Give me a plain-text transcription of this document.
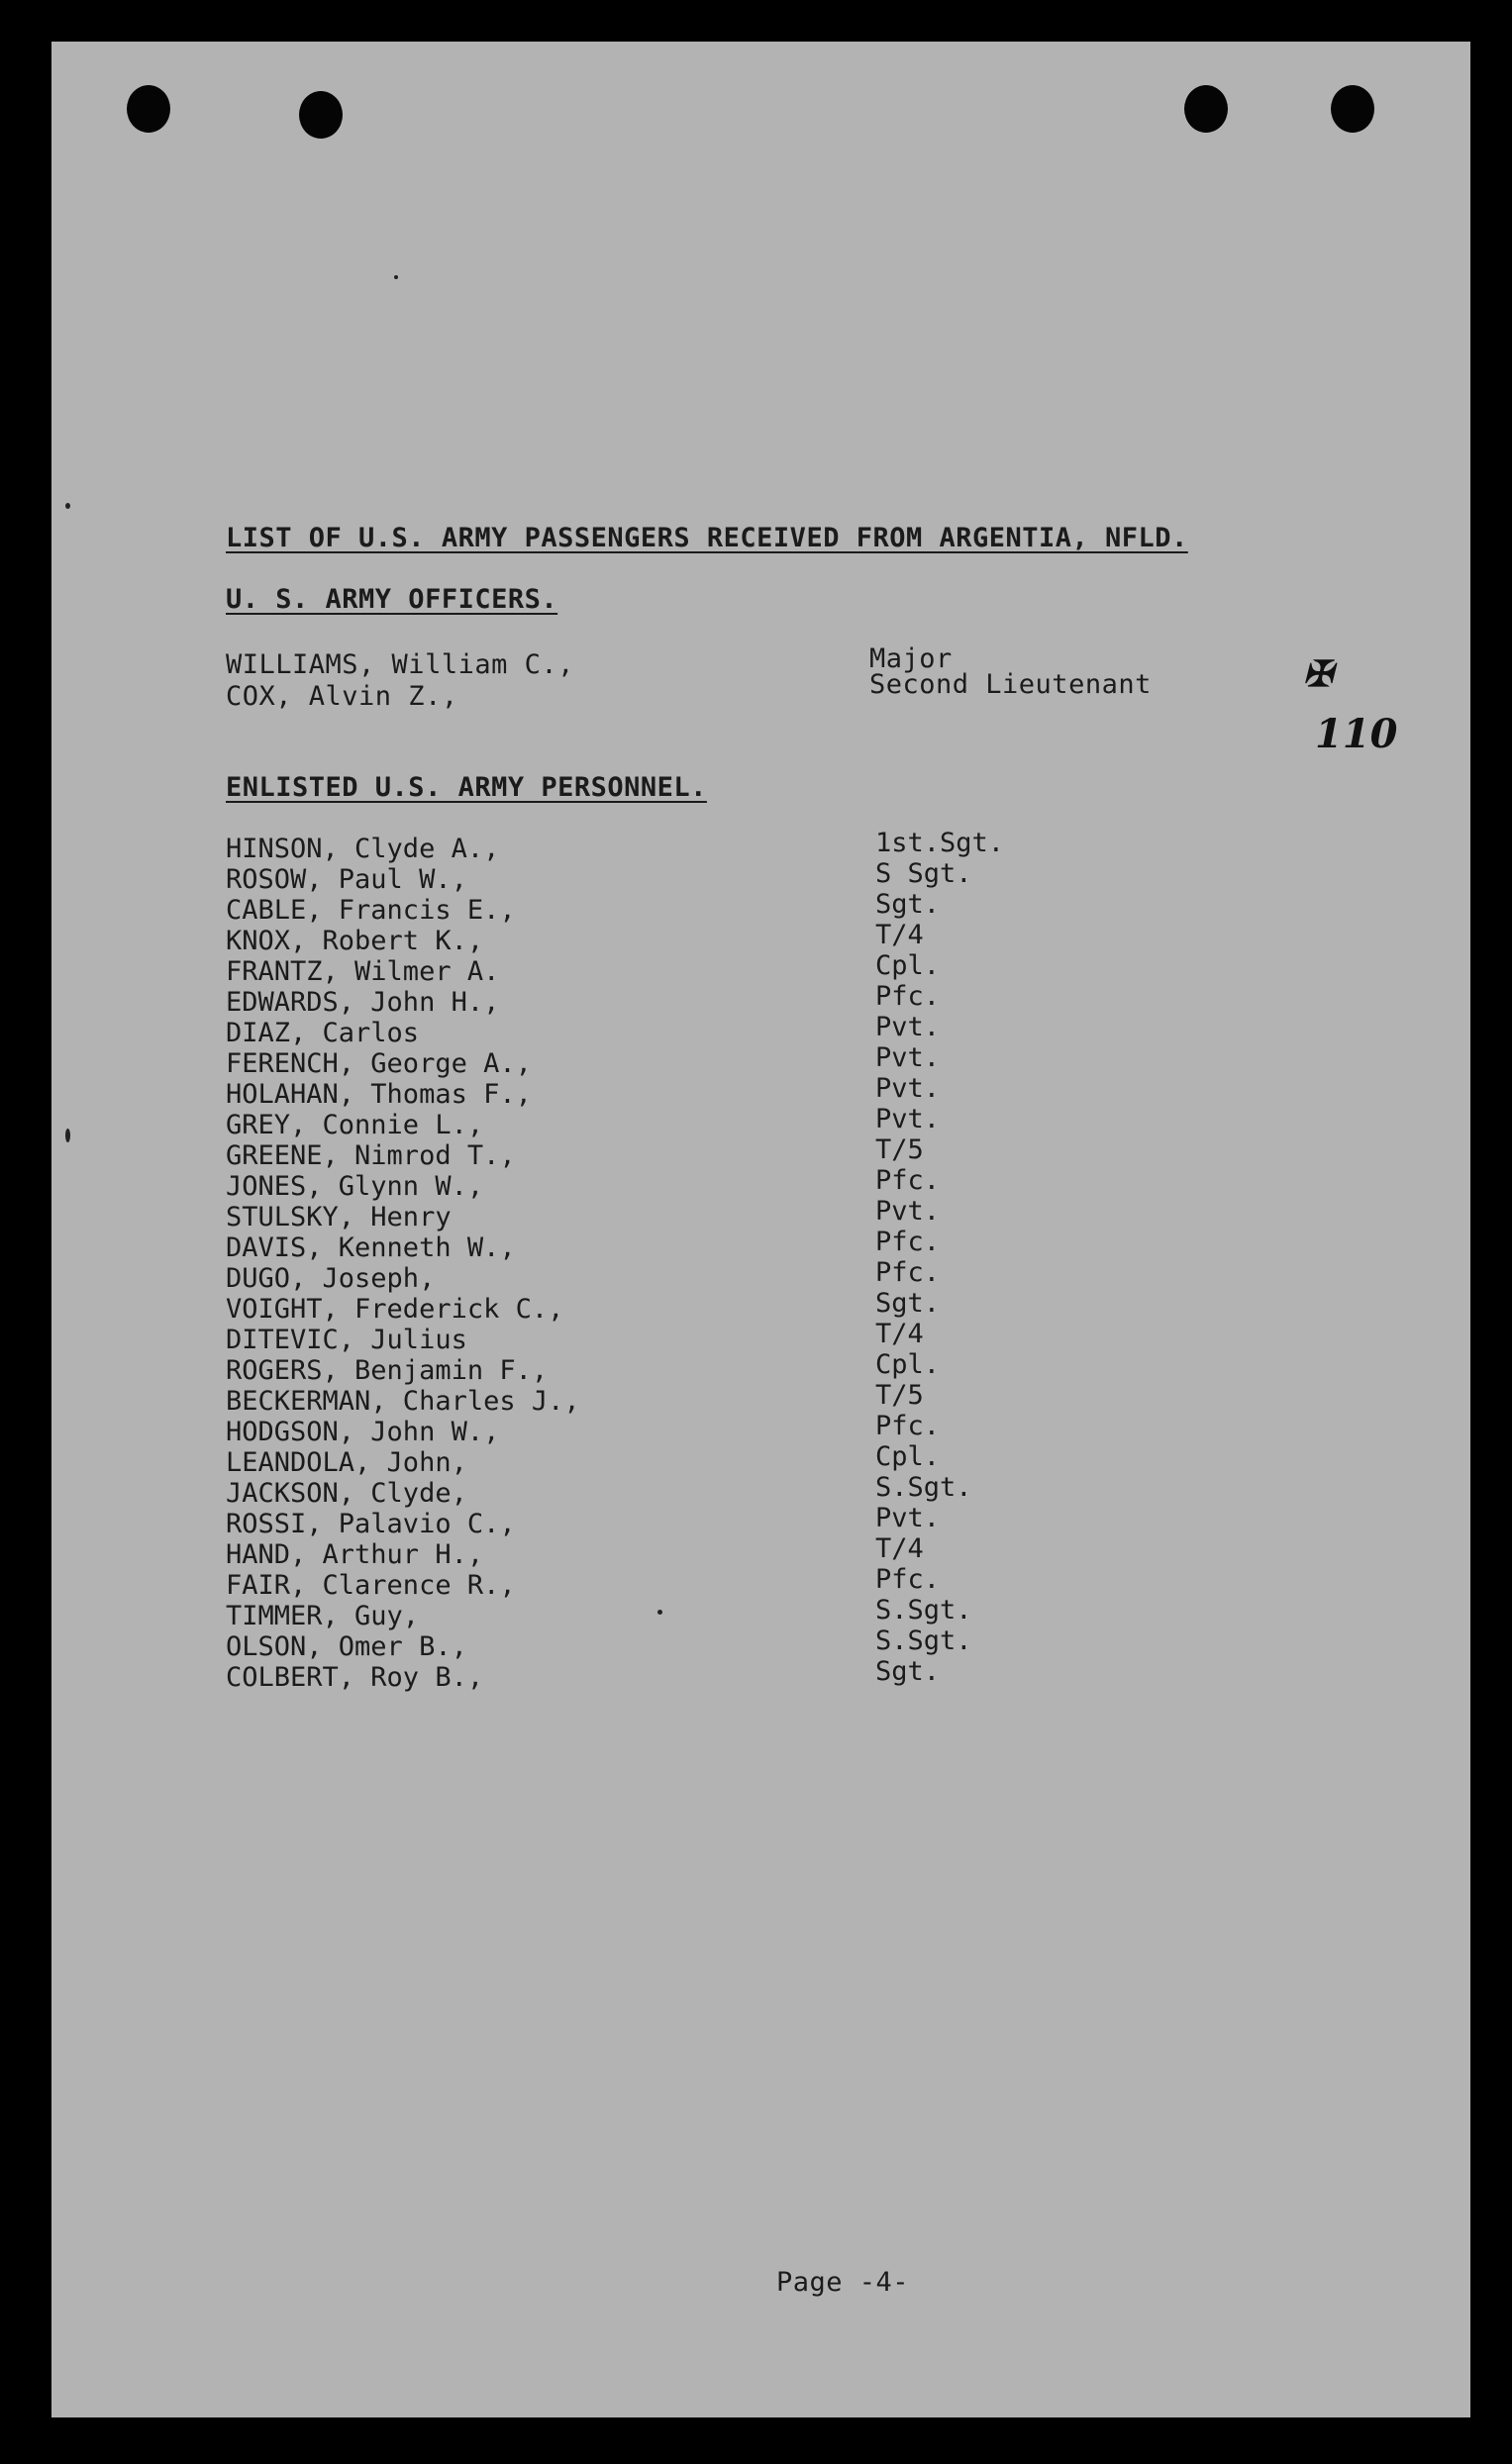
LIST OF U.S. ARMY PASSENGERS RECEIVED FROM ARGENTIA, NFLD.
U. S. ARMY OFFICERS.
WILLIAMS, William C.,	Major
COX, Alvin Z.,	Second Lieutenant	✠
110
ENLISTED U.S. ARMY PERSONNEL.
HINSON, Clyde A.,	1st.Sgt.
ROSOW, Paul W.,	S Sgt.
CABLE, Francis E.,	Sgt.
KNOX, Robert K.,	T/4
FRANTZ, Wilmer A.	Cpl.
EDWARDS, John H.,	Pfc.
DIAZ, Carlos	Pvt.
FERENCH, George A.,	Pvt.
HOLAHAN, Thomas F.,	Pvt.
GREY, Connie L.,	Pvt.
GREENE, Nimrod T.,	T/5
JONES, Glynn W.,	Pfc.
STULSKY, Henry	Pvt.
DAVIS, Kenneth W.,	Pfc.
DUGO, Joseph,	Pfc.
VOIGHT, Frederick C.,	Sgt.
DITEVIC, Julius	T/4
ROGERS, Benjamin F.,	Cpl.
BECKERMAN, Charles J.,	T/5
HODGSON, John W.,	Pfc.
LEANDOLA, John,	Cpl.
JACKSON, Clyde,	S.Sgt.
ROSSI, Palavio C.,	Pvt.
HAND, Arthur H.,	T/4
FAIR, Clarence R.,	Pfc.
TIMMER, Guy,	S.Sgt.
OLSON, Omer B.,	S.Sgt.
COLBERT, Roy B.,	Sgt.
Page -4-
